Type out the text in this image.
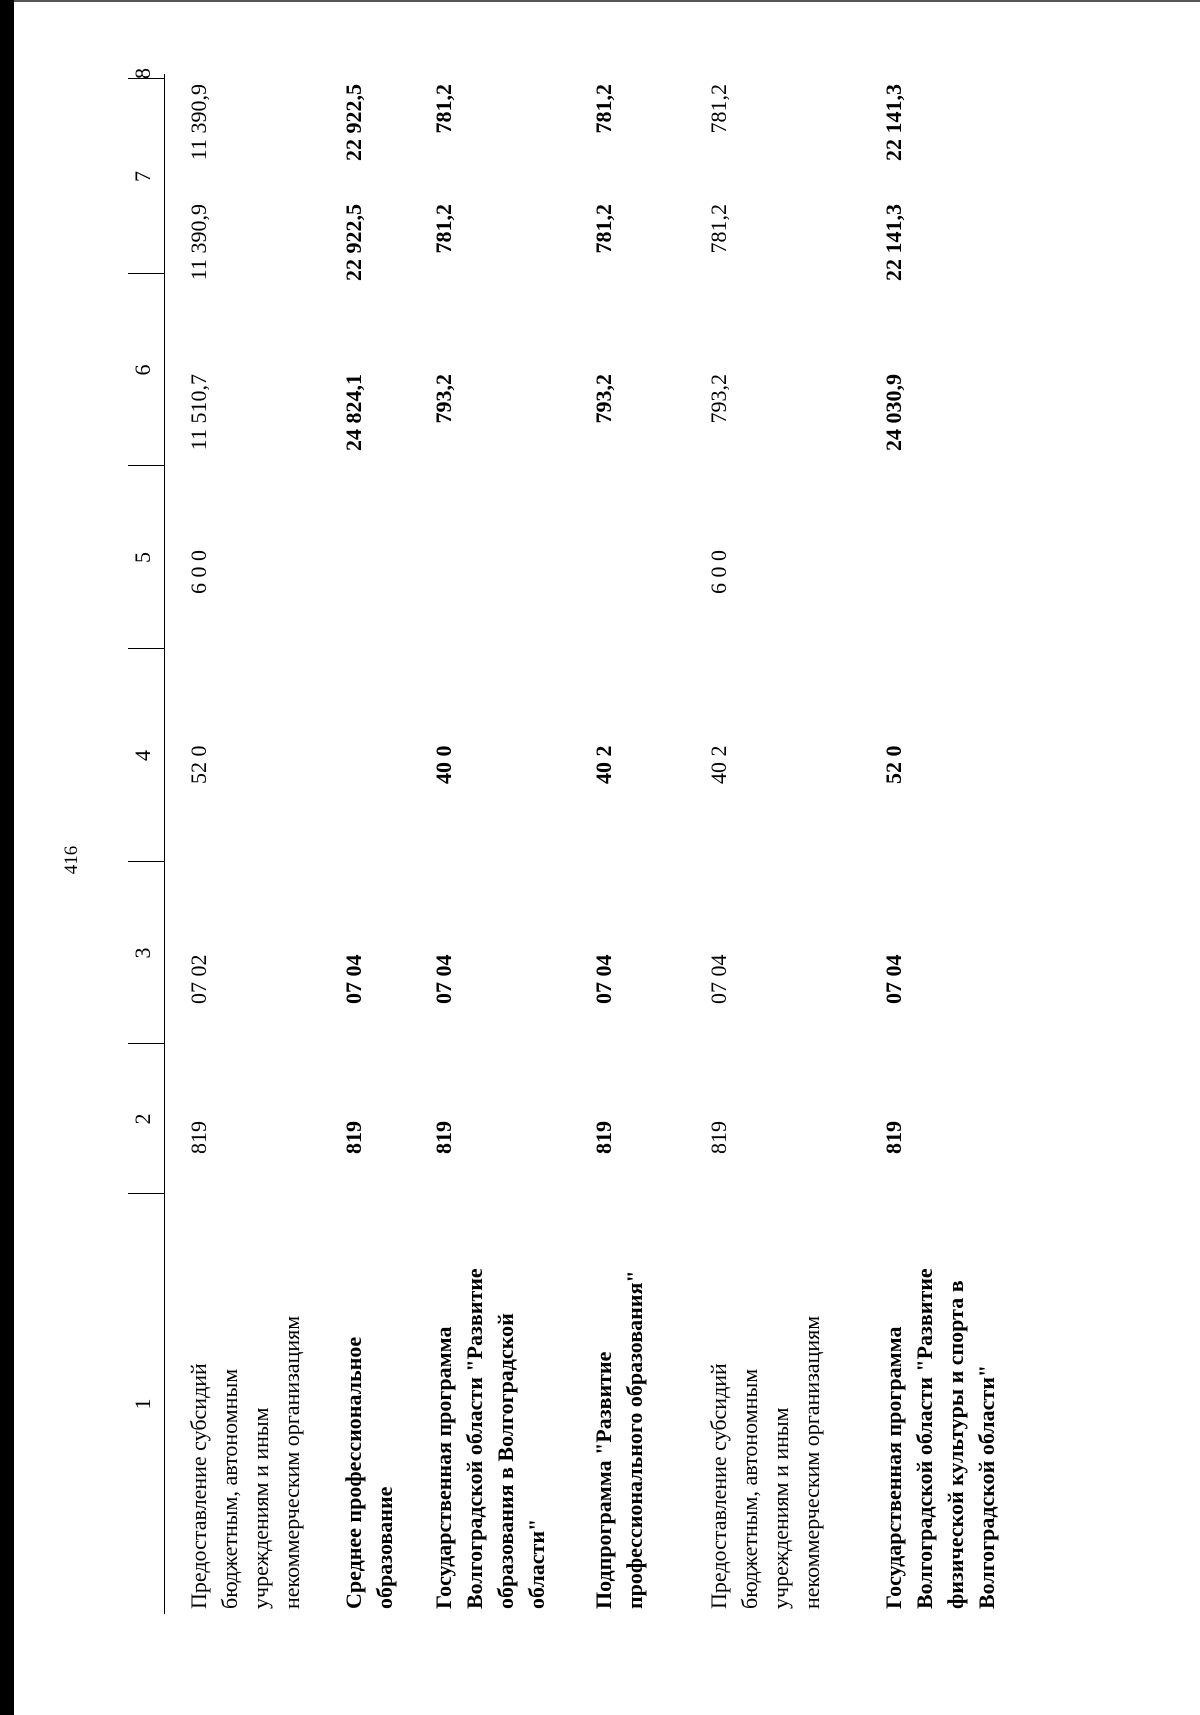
416
1
2
3
4
5
6
7
8
Предоставление субсидий бюджетным, автономным учреждениям и иным некоммерческим организациям
819
07 02
52 0
6 0 0
11 510,7
11 390,9
11 390,9
Среднее профессиональное образование
819
07 04
24 824,1
22 922,5
22 922,5
Государственная программа Волгоградской области "Развитие образования в Волгоградской области"
819
07 04
40 0
793,2
781,2
781,2
Подпрограмма "Развитие профессионального образования"
819
07 04
40 2
793,2
781,2
781,2
Предоставление субсидий бюджетным, автономным учреждениям и иным некоммерческим организациям
819
07 04
40 2
6 0 0
793,2
781,2
781,2
Государственная программа Волгоградской области "Развитие физической культуры и спорта в Волгоградской области"
819
07 04
52 0
24 030,9
22 141,3
22 141,3
